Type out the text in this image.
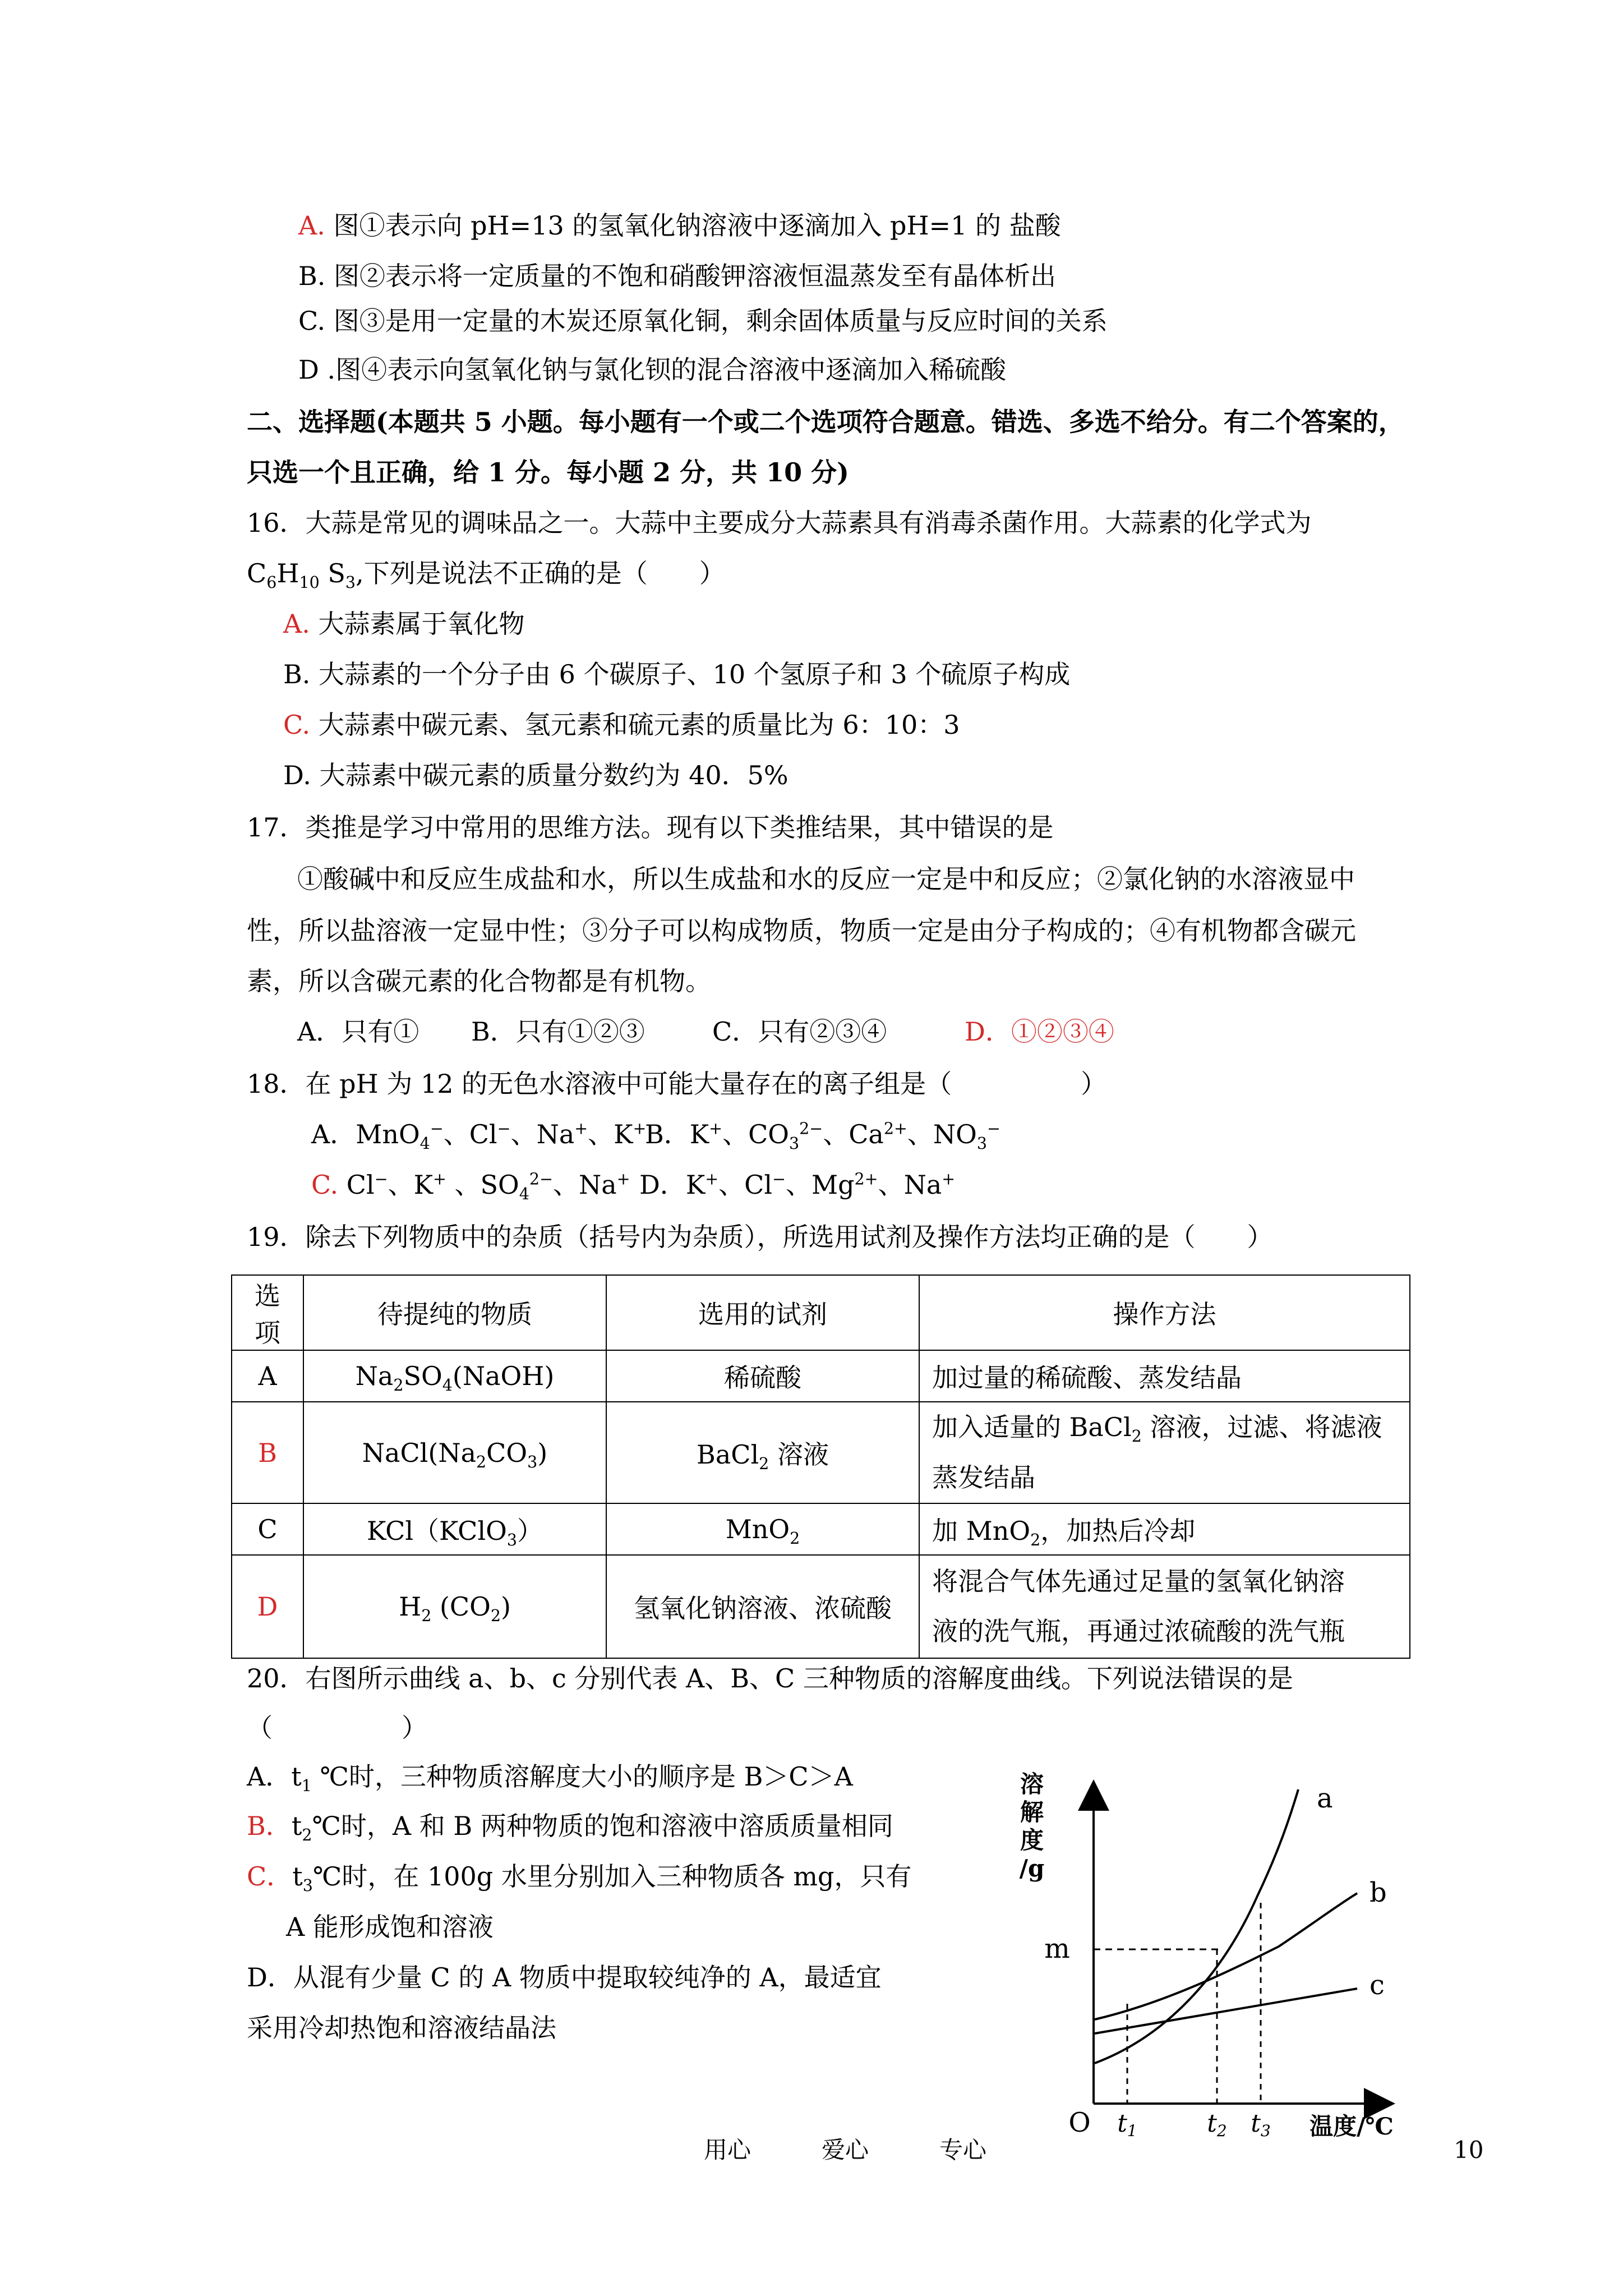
A. 图①表示向 pH=13 的氢氧化钠溶液中逐滴加入 pH=1 的 盐酸
B. 图②表示将一定质量的不饱和硝酸钾溶液恒温蒸发至有晶体析出
C. 图③是用一定量的木炭还原氧化铜，剩余固体质量与反应时间的关系
D .图④表示向氢氧化钠与氯化钡的混合溶液中逐滴加入稀硫酸
二、选择题(本题共 5 小题。每小题有一个或二个选项符合题意。错选、多选不给分。有二个答案的，
只选一个且正确，给 1 分。每小题 2 分，共 10 分)
16．大蒜是常见的调味品之一。大蒜中主要成分大蒜素具有消毒杀菌作用。大蒜素的化学式为
$C_6H_{10}$ $S_3$,下列是说法不正确的是（　　）
A. 大蒜素属于氧化物
B. 大蒜素的一个分子由 6 个碳原子、10 个氢原子和 3 个硫原子构成
C. 大蒜素中碳元素、氢元素和硫元素的质量比为 6：10：3
D. 大蒜素中碳元素的质量分数约为 40．5%
17．类推是学习中常用的思维方法。现有以下类推结果，其中错误的是
①酸碱中和反应生成盐和水，所以生成盐和水的反应一定是中和反应；②氯化钠的水溶液显中
性，所以盐溶液一定显中性；③分子可以构成物质，物质一定是由分子构成的；④有机物都含碳元
素，所以含碳元素的化合物都是有机物。
A．只有① B．只有①②③	C．只有②③④	D．①②③④
18．在 pH 为 12 的无色水溶液中可能大量存在的离子组是（　　　　　）
A．MnO$_4$−、Cl−、Na+、K+
B．K+、$CO_3^{2-}$、$Ca^{2+}$、$NO_3^-$
C. Cl−、K+ 、$SO_4^{2-}$、Na+ D．K+、Cl−、$Mg^{2+}$、Na+
19．除去下列物质中的杂质（括号内为杂质），所选用试剂及操作方法均正确的是（　　）
选项	待提纯的物质	选用的试剂	操作方法
A	$Na_2SO_4(NaOH)$	稀硫酸	加过量的稀硫酸、蒸发结晶
B	$NaCl(Na_2CO_3)$	BaCl$_2$ 溶液	加入适量的 BaCl$_2$ 溶液，过滤、将滤液
蒸发结晶
C	KCl（KClO$_3$）	MnO$_2$	加 MnO$_2$，加热后冷却
D	$H_2$ $(CO_2)$	氢氧化钠溶液、浓硫酸	将混合气体先通过足量的氢氧化钠溶
液的洗气瓶，再通过浓硫酸的洗气瓶
20．右图所示曲线 a、b、c 分别代表 A、B、C 三种物质的溶解度曲线。下列说法错误的是
（　　　　　）
A．$t_1$ ℃时，三种物质溶解度大小的顺序是 B＞C＞A
B．$t_2℃$时，A 和 B 两种物质的饱和溶液中溶质质量相同
C．$t_3℃$时，在 100g 水里分别加入三种物质各 mg，只有
A 能形成饱和溶液
D．从混有少量 C 的 A 物质中提取较纯净的 A，最适宜
采用冷却热饱和溶液结晶法
溶
解
度
/g
O t1	t2 t3 温度/℃
m
a
b
c
用心　　　爱心　　　专心	10
